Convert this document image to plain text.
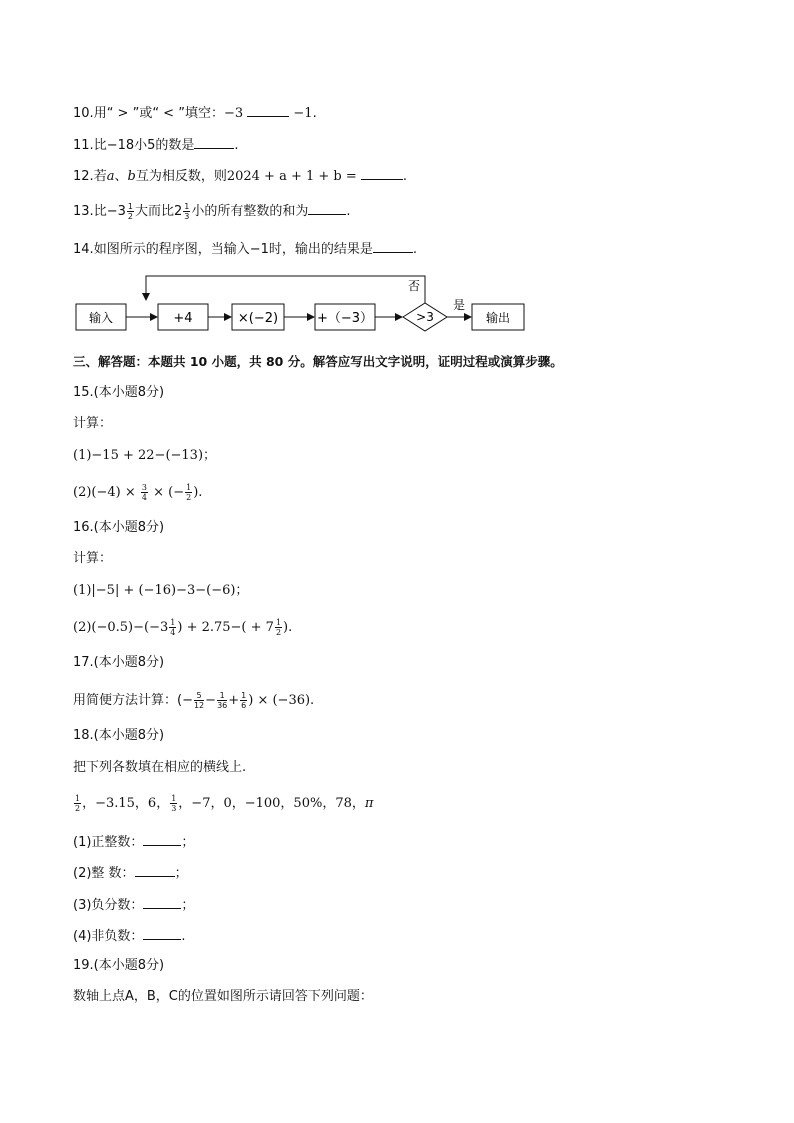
10.用“ > ”或“ < ”填空：−3	−1.
11.比−18小5的数是	.
12.若a、b互为相反数，则2024 + a + 1 + b =	.
13.比$-3 \frac{1}{2}$ 大而比$2 \frac{1}{3}$ 小的所有整数的和为	.
14.如图所示的程序图，当输入−1时，输出的结果是	.
输入	+4	×(−2)	+（−3）	>3	输出
否
是
三、解答题：本题共 10 小题，共 80 分。解答应写出文字说明，证明过程或演算步骤。
15.(本小题8分)
计算：
(1)−15 + 22−(−13)；
$(2)(-4) \times \frac{3}{4}$ × (− $\frac{1}{2}$ ).
16.(本小题8分)
计算：
(1)|−5| + (−16)−3−(−6)；
$(2)(-0.5)-(-3 \frac{1}{4}$ ) + $2.75-( + 7 \frac{1}{2}$ ).
17.(本小题8分)
用简便方法计算：(− $\frac{5}{12} - \frac{1}{36} + \frac{1}{6}$ ) × (−36).
18.(本小题8分)
把下列各数填在相应的横线上.
$\frac{1}{2}$ ，−3.15，6， $\frac{1}{3}$ ，−7，0，−100，50%，78，π
(1)正整数：	；
(2)整 数：	；
(3)负分数：	；
(4)非负数：	.
19.(本小题8分)
数轴上点A，B，C的位置如图所示请回答下列问题：
